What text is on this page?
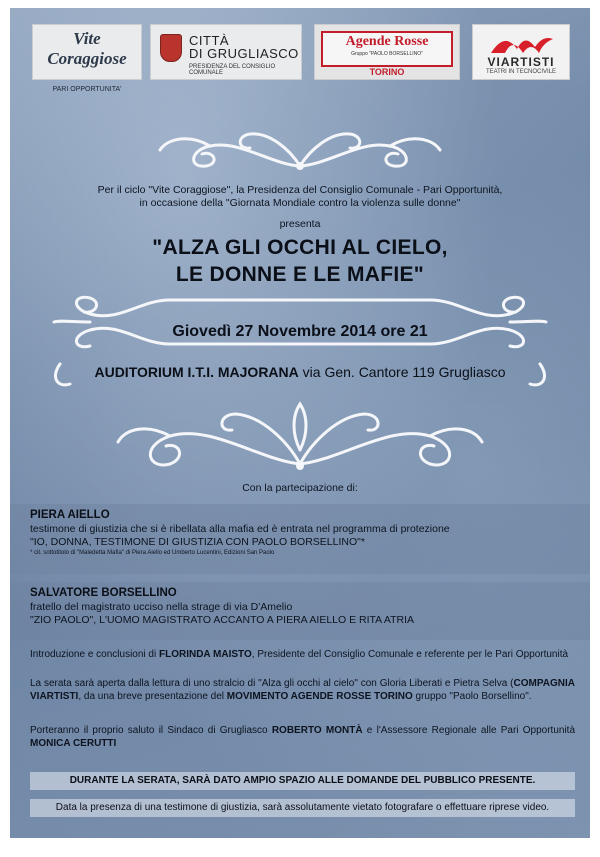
Vite
Coraggiose
PARI OPPORTUNITA'
CITTÀ
DI GRUGLIASCO
PRESIDENZA DEL CONSIGLIO COMUNALE
Agende Rosse
Gruppo "PAOLO BORSELLINO"
TORINO
VIARTISTI
TEATRI IN TECNOCIVILE
Per il ciclo "Vite Coraggiose", la Presidenza del Consiglio Comunale - Pari Opportunità,
in occasione della "Giornata Mondiale contro la violenza sulle donne"
presenta
"ALZA GLI OCCHI AL CIELO,
LE DONNE E LE MAFIE"
Giovedì 27 Novembre 2014 ore 21
AUDITORIUM I.T.I. MAJORANA via Gen. Cantore 119 Grugliasco
Con la partecipazione di:
PIERA AIELLO
testimone di giustizia che si è ribellata alla mafia ed è entrata nel programma di protezione
"IO, DONNA, TESTIMONE DI GIUSTIZIA CON PAOLO BORSELLINO"*
* cit. sottotitolo di "Maledetta Mafia" di Piera Aiello ed Umberto Lucentini, Edizioni San Paolo
SALVATORE BORSELLINO
fratello del magistrato ucciso nella strage di via D'Amelio
"ZIO PAOLO", L'UOMO MAGISTRATO ACCANTO A PIERA AIELLO E RITA ATRIA
Introduzione e conclusioni di FLORINDA MAISTO, Presidente del Consiglio Comunale e referente per le Pari Opportunità
La serata sarà aperta dalla lettura di uno stralcio di "Alza gli occhi al cielo" con Gloria Liberati e Pietra Selva (COMPAGNIA VIARTISTI, da una breve presentazione del MOVIMENTO AGENDE ROSSE TORINO gruppo "Paolo Borsellino".
Porteranno il proprio saluto il Sindaco di Grugliasco ROBERTO MONTÀ e l'Assessore Regionale alle Pari Opportunità MONICA CERUTTI
DURANTE LA SERATA, SARÀ DATO AMPIO SPAZIO ALLE DOMANDE DEL PUBBLICO PRESENTE.
Data la presenza di una testimone di giustizia, sarà assolutamente vietato fotografare o effettuare riprese video.
